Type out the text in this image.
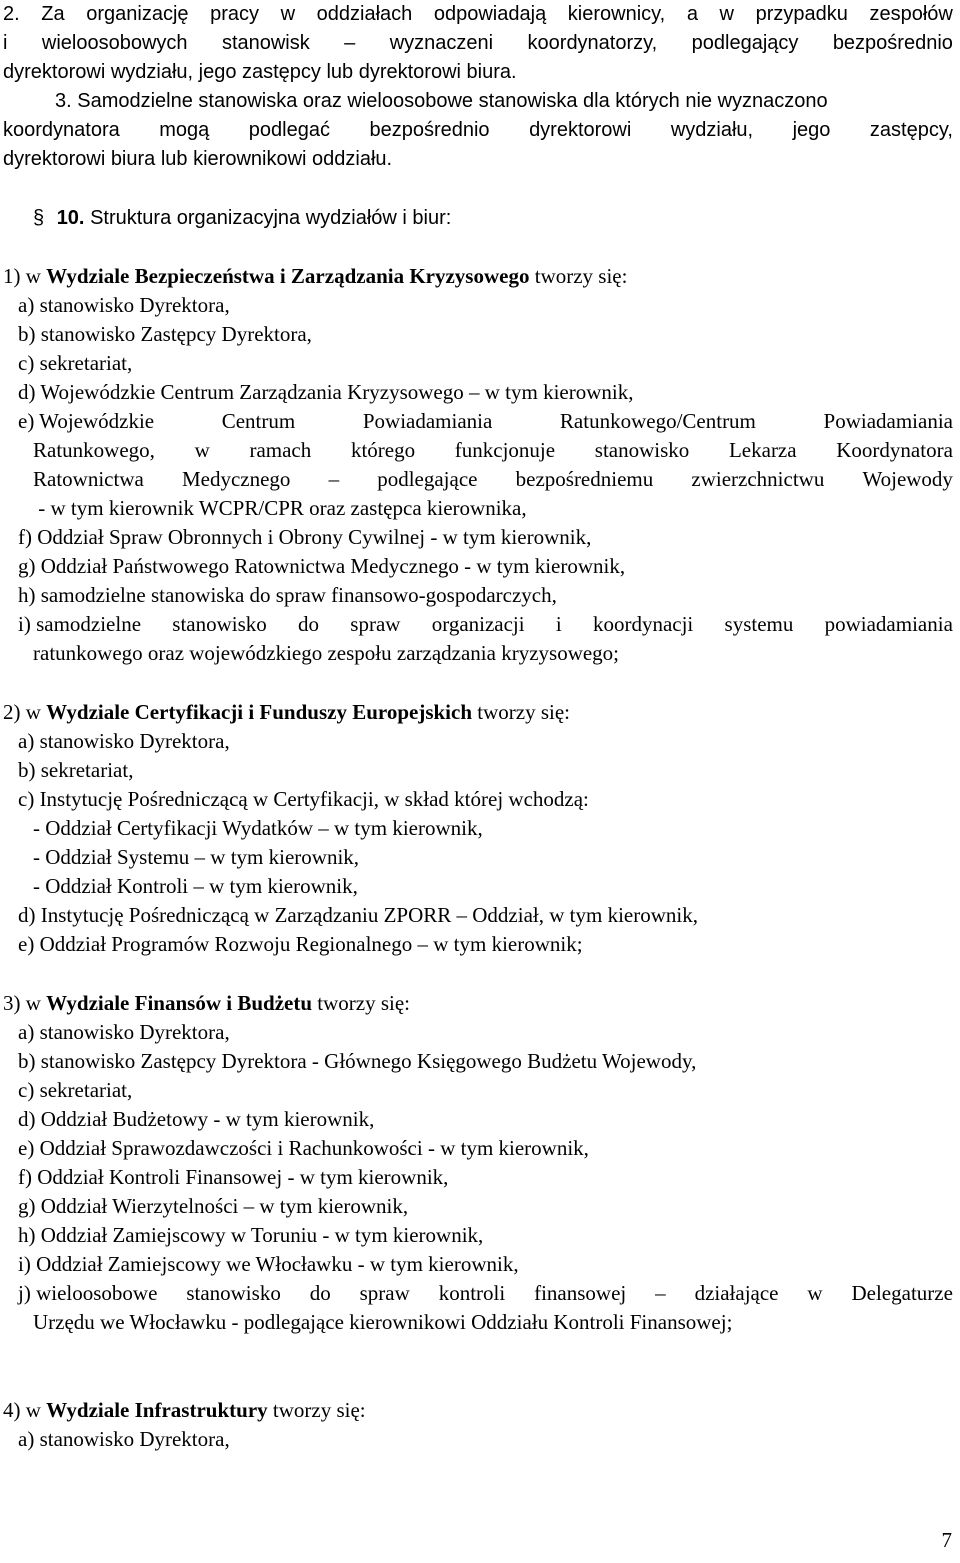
2. Za organizację pracy w oddziałach odpowiadają kierownicy, a w przypadku zespołów
i wieloosobowych stanowisk – wyznaczeni koordynatorzy, podlegający bezpośrednio
dyrektorowi wydziału, jego zastępcy lub dyrektorowi biura.
3. Samodzielne stanowiska oraz wieloosobowe stanowiska dla których nie wyznaczono
koordynatora mogą podlegać bezpośrednio dyrektorowi wydziału, jego zastępcy,
dyrektorowi biura lub kierownikowi oddziału.
§ 10. Struktura organizacyjna wydziałów i biur:
1) w Wydziale Bezpieczeństwa i Zarządzania Kryzysowego tworzy się:
a) stanowisko Dyrektora,
b) stanowisko Zastępcy Dyrektora,
c) sekretariat,
d) Wojewódzkie Centrum Zarządzania Kryzysowego – w tym kierownik,
e) Wojewódzkie	Centrum	Powiadamiania	Ratunkowego/Centrum	Powiadamiania
Ratunkowego, w ramach którego funkcjonuje stanowisko Lekarza Koordynatora
Ratownictwa Medycznego – podlegające bezpośredniemu zwierzchnictwu Wojewody
- w tym kierownik WCPR/CPR oraz zastępca kierownika,
f) Oddział Spraw Obronnych i Obrony Cywilnej - w tym kierownik,
g) Oddział Państwowego Ratownictwa Medycznego - w tym kierownik,
h) samodzielne stanowiska do spraw finansowo-gospodarczych,
i) samodzielne stanowisko do spraw organizacji i koordynacji systemu powiadamiania
ratunkowego oraz wojewódzkiego zespołu zarządzania kryzysowego;
2) w Wydziale Certyfikacji i Funduszy Europejskich tworzy się:
a) stanowisko Dyrektora,
b) sekretariat,
c) Instytucję Pośredniczącą w Certyfikacji, w skład której wchodzą:
- Oddział Certyfikacji Wydatków – w tym kierownik,
- Oddział Systemu – w tym kierownik,
- Oddział Kontroli – w tym kierownik,
d) Instytucję Pośredniczącą w Zarządzaniu ZPORR – Oddział, w tym kierownik,
e) Oddział Programów Rozwoju Regionalnego – w tym kierownik;
3) w Wydziale Finansów i Budżetu tworzy się:
a) stanowisko Dyrektora,
b) stanowisko Zastępcy Dyrektora - Głównego Księgowego Budżetu Wojewody,
c) sekretariat,
d) Oddział Budżetowy - w tym kierownik,
e) Oddział Sprawozdawczości i Rachunkowości - w tym kierownik,
f) Oddział Kontroli Finansowej - w tym kierownik,
g) Oddział Wierzytelności – w tym kierownik,
h) Oddział Zamiejscowy w Toruniu - w tym kierownik,
i) Oddział Zamiejscowy we Włocławku - w tym kierownik,
j) wieloosobowe stanowisko do spraw kontroli finansowej – działające w Delegaturze
Urzędu we Włocławku - podlegające kierownikowi Oddziału Kontroli Finansowej;
4) w Wydziale Infrastruktury tworzy się:
a) stanowisko Dyrektora,
7
